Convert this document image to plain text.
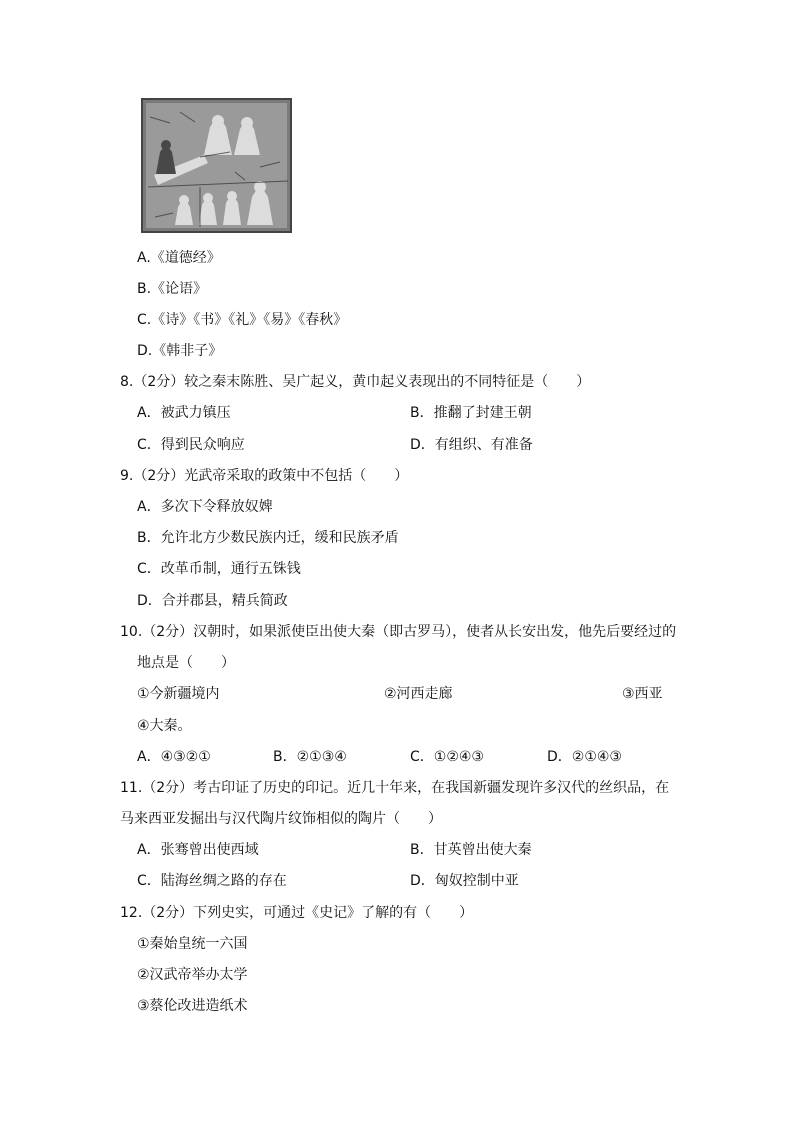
A.《道德经》
B.《论语》
C.《诗》《书》《礼》《易》《春秋》
D.《韩非子》
8.（2分）较之秦末陈胜、吴广起义，黄巾起义表现出的不同特征是（　　）
A．被武力镇压	B．推翻了封建王朝
C．得到民众响应	D．有组织、有准备
9.（2分）光武帝采取的政策中不包括（　　）
A．多次下令释放奴婢
B．允许北方少数民族内迁，缓和民族矛盾
C．改革币制，通行五铢钱
D．合并郡县，精兵简政
10.（2分）汉朝时，如果派使臣出使大秦（即古罗马），使者从长安出发，他先后要经过的
地点是（　　）
①今新疆境内	②河西走廊	③西亚
④大秦。
A．④③②①	B．②①③④	C．①②④③	D．②①④③
11.（2分）考古印证了历史的印记。近几十年来，在我国新疆发现许多汉代的丝织品，在
马来西亚发掘出与汉代陶片纹饰相似的陶片（　　）
A．张骞曾出使西域	B．甘英曾出使大秦
C．陆海丝绸之路的存在	D．匈奴控制中亚
12.（2分）下列史实，可通过《史记》了解的有（　　）
①秦始皇统一六国
②汉武帝举办太学
③蔡伦改进造纸术
